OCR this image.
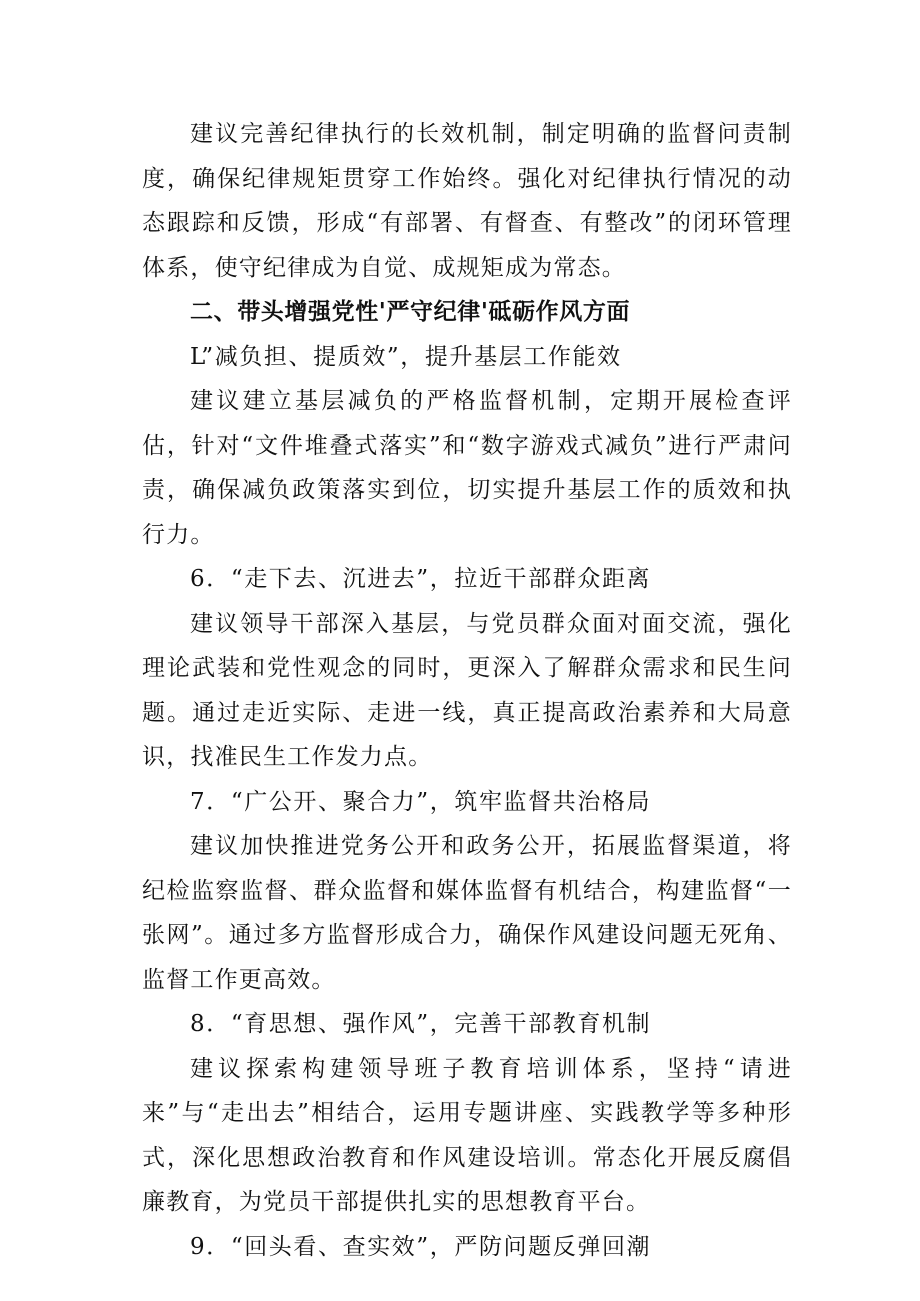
建议完善纪律执行的长效机制，制定明确的监督问责制度，确保纪律规矩贯穿工作始终。强化对纪律执行情况的动态跟踪和反馈，形成“有部署、有督查、有整改”的闭环管理体系，使守纪律成为自觉、成规矩成为常态。

二、带头增强党性'严守纪律'砥砺作风方面

L”减负担、提质效”，提升基层工作能效

建议建立基层减负的严格监督机制，定期开展检查评估，针对“文件堆叠式落实”和“数字游戏式减负”进行严肃问责，确保减负政策落实到位，切实提升基层工作的质效和执行力。

6．“走下去、沉进去”，拉近干部群众距离

建议领导干部深入基层，与党员群众面对面交流，强化理论武装和党性观念的同时，更深入了解群众需求和民生问题。通过走近实际、走进一线，真正提高政治素养和大局意识，找准民生工作发力点。

7．“广公开、聚合力”，筑牢监督共治格局

建议加快推进党务公开和政务公开，拓展监督渠道，将纪检监察监督、群众监督和媒体监督有机结合，构建监督“一张网”。通过多方监督形成合力，确保作风建设问题无死角、监督工作更高效。

8．“育思想、强作风”，完善干部教育机制

建议探索构建领导班子教育培训体系，坚持“请进来”与“走出去”相结合，运用专题讲座、实践教学等多种形式，深化思想政治教育和作风建设培训。常态化开展反腐倡廉教育，为党员干部提供扎实的思想教育平台。

9．“回头看、查实效”，严防问题反弹回潮
